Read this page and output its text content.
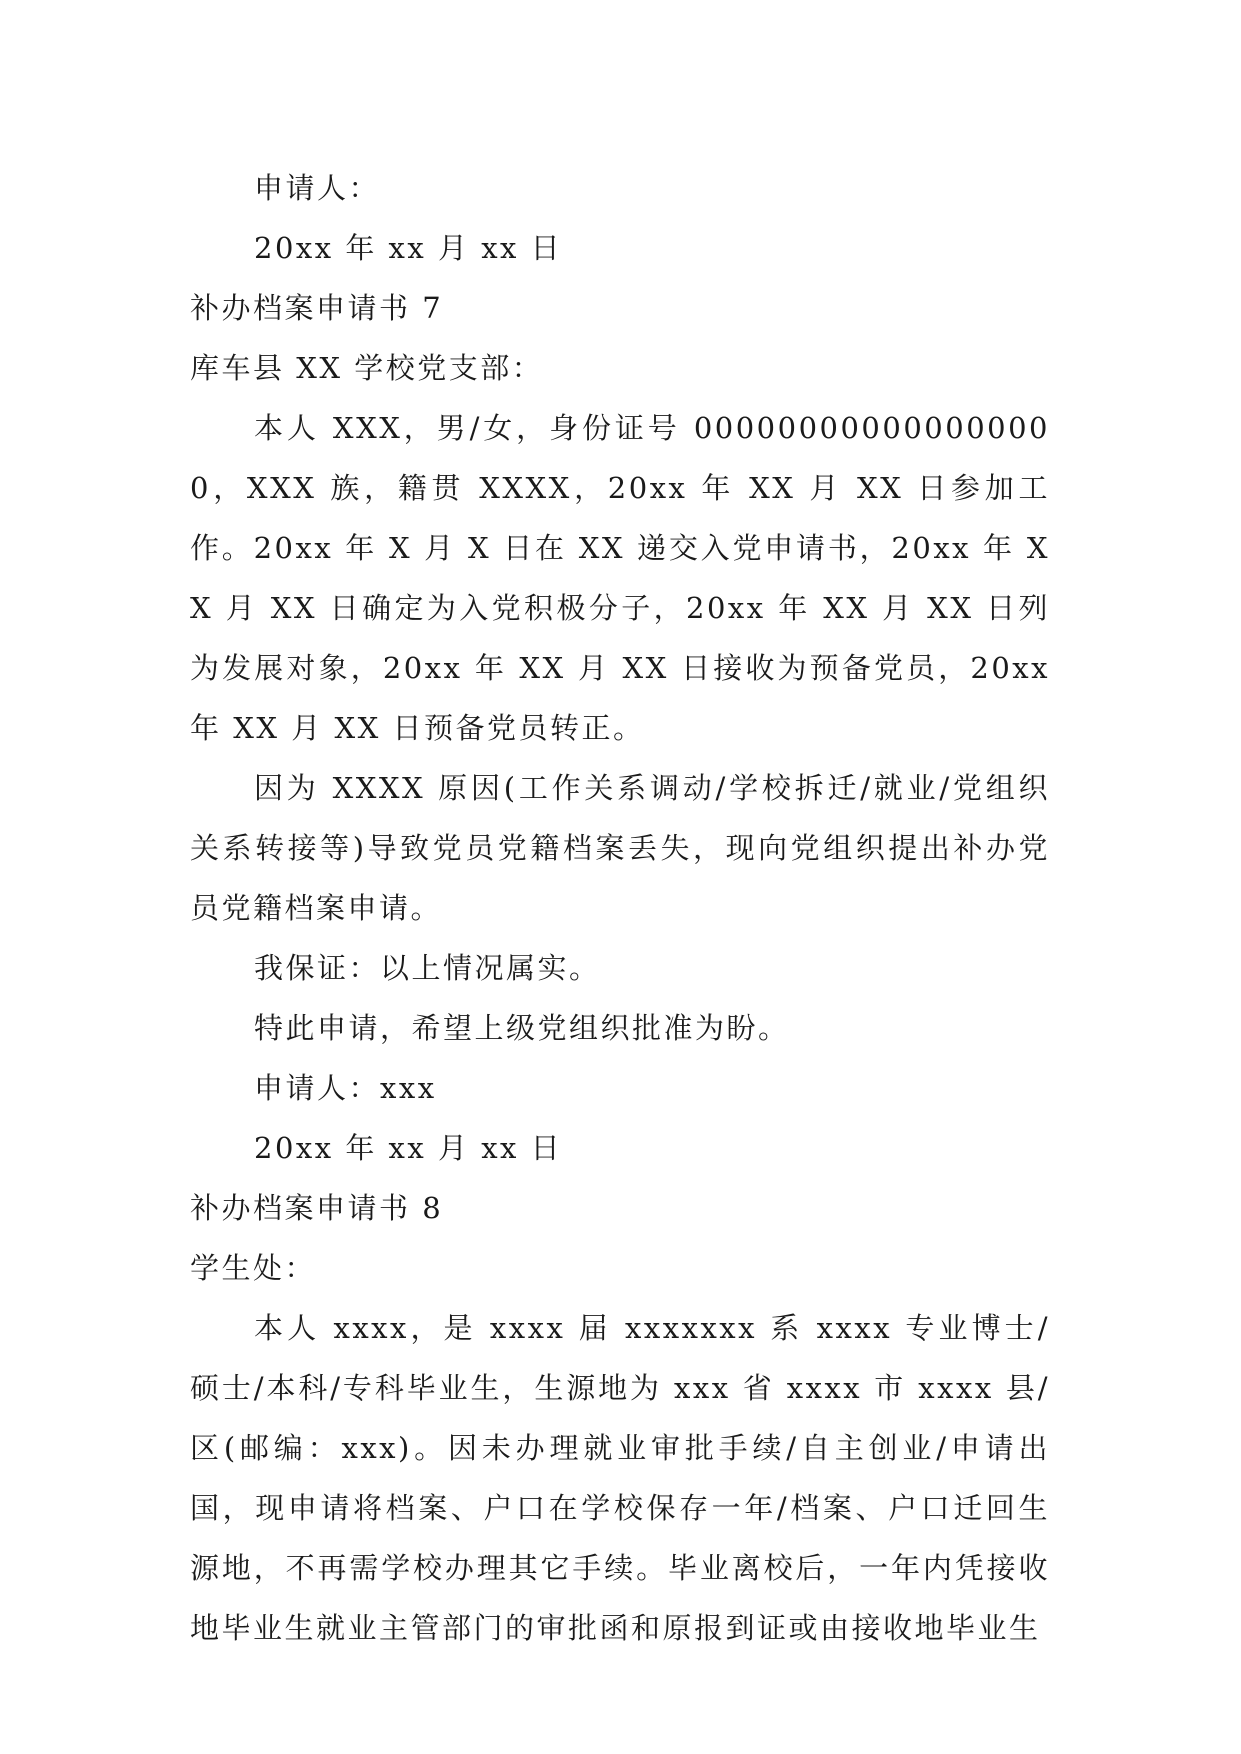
申请人：
20xx 年 xx 月 xx 日
补办档案申请书 7
库车县 XX 学校党支部：
本人 XXX，男/女，身份证号 000000000000000000，XXX 族，籍贯 XXXX，20xx 年 XX 月 XX 日参加工作。20xx 年 X 月 X 日在 XX 递交入党申请书，20xx 年 XX 月 XX 日确定为入党积极分子，20xx 年 XX 月 XX 日列为发展对象，20xx 年 XX 月 XX 日接收为预备党员，20xx 年 XX 月 XX 日预备党员转正。
因为 XXXX 原因(工作关系调动/学校拆迁/就业/党组织关系转接等)导致党员党籍档案丢失，现向党组织提出补办党员党籍档案申请。
我保证：以上情况属实。
特此申请，希望上级党组织批准为盼。
申请人：xxx
20xx 年 xx 月 xx 日
补办档案申请书 8
学生处：
本人 xxxx，是 xxxx 届 xxxxxxx 系 xxxx 专业博士/硕士/本科/专科毕业生，生源地为 xxx 省 xxxx 市 xxxx 县/区(邮编：xxx)。因未办理就业审批手续/自主创业/申请出国，现申请将档案、户口在学校保存一年/档案、户口迁回生源地，不再需学校办理其它手续。毕业离校后，一年内凭接收地毕业生就业主管部门的审批函和原报到证或由接收地毕业生
